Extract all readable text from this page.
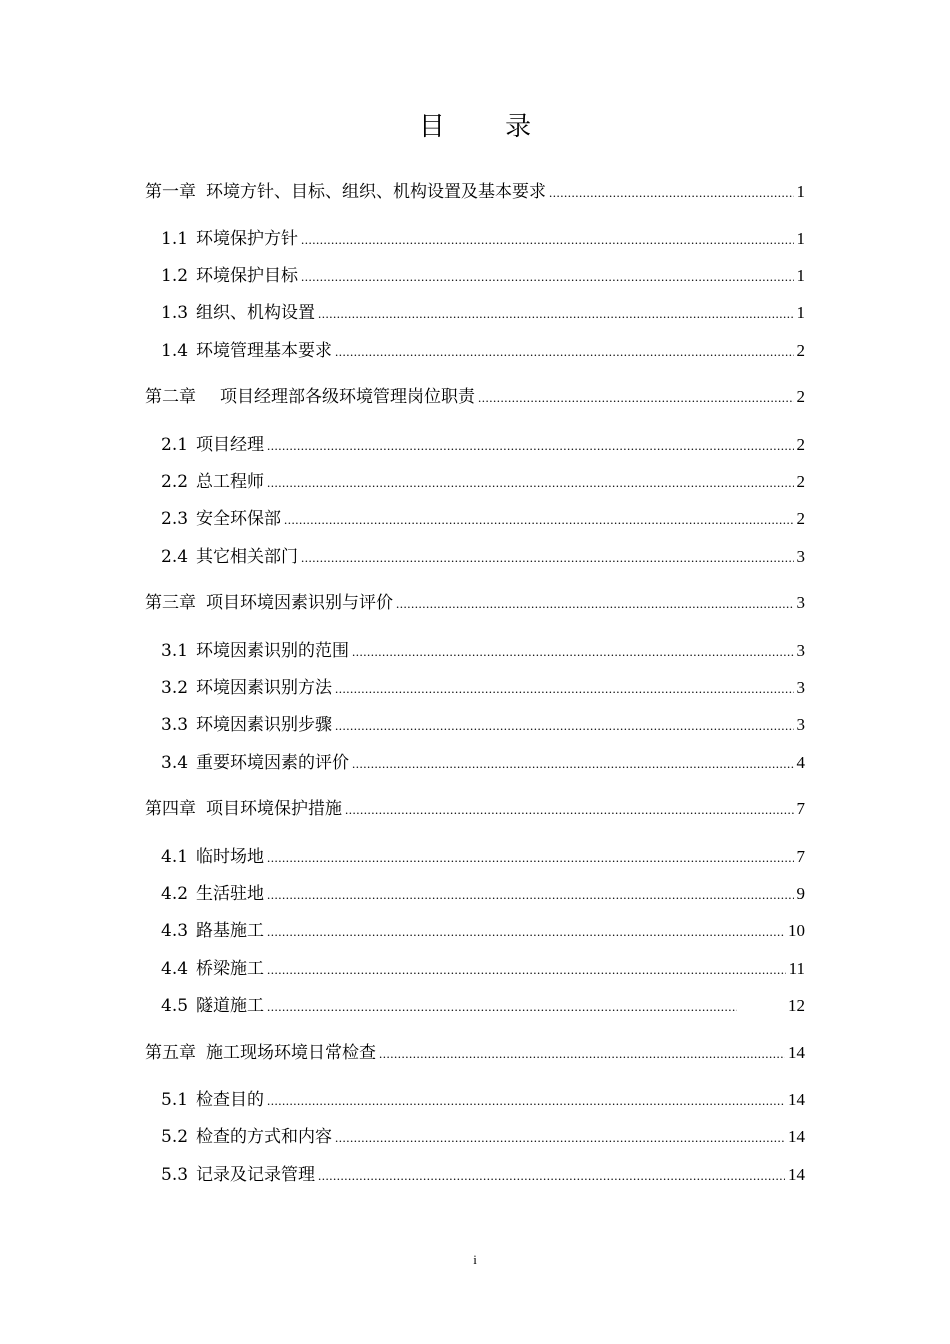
目 录
第一章 环境方针、目标、组织、机构设置及基本要求 .....	1
1.1 环境保护方针 .....	1
1.2 环境保护目标 .....	1
1.3 组织、机构设置 .....	1
1.4 环境管理基本要求 .....	2
第二章 项目经理部各级环境管理岗位职责 .....	2
2.1 项目经理 .....	2
2.2 总工程师 .....	2
2.3 安全环保部 .....	2
2.4 其它相关部门 .....	3
第三章 项目环境因素识别与评价 .....	3
3.1 环境因素识别的范围 .....	3
3.2 环境因素识别方法 .....	3
3.3 环境因素识别步骤 .....	3
3.4 重要环境因素的评价 .....	4
第四章 项目环境保护措施 .....	7
4.1 临时场地 .....	7
4.2 生活驻地 .....	9
4.3 路基施工 .....	10
4.4 桥梁施工 .....	11
4.5 隧道施工 .....	12
第五章 施工现场环境日常检查 .....	14
5.1 检查目的 .....	14
5.2 检查的方式和内容 .....	14
5.3 记录及记录管理 .....	14
i
